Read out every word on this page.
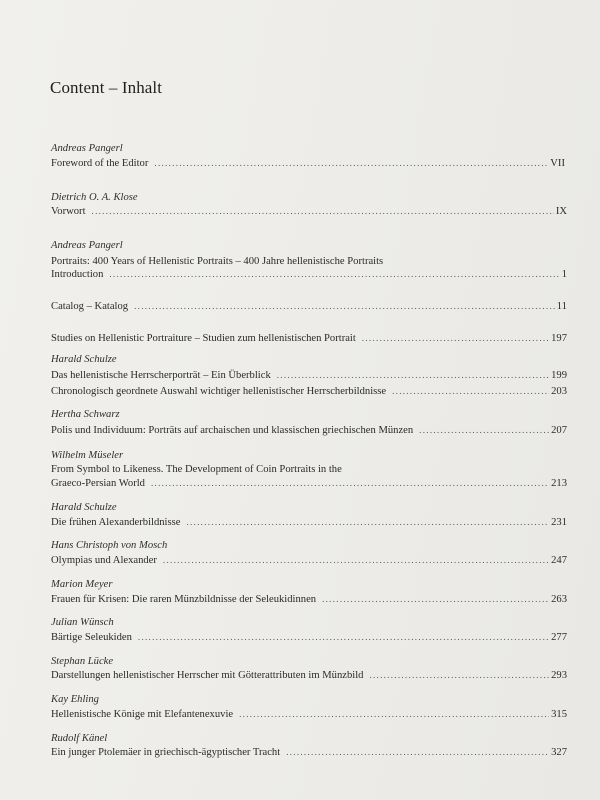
Content – Inhalt
Andreas Pangerl
Foreword of the Editor .....	VII
Dietrich O. A. Klose
Vorwort .....	IX
Andreas Pangerl
Portraits: 400 Years of Hellenistic Portraits – 400 Jahre hellenistische Portraits
Introduction .....	1
Catalog – Katalog .....	11
Studies on Hellenistic Portraiture – Studien zum hellenistischen Portrait .....	197
Harald Schulze
Das hellenistische Herrscherporträt – Ein Überblick .....	199
Chronologisch geordnete Auswahl wichtiger hellenistischer Herrscherbildnisse .....	203
Hertha Schwarz
Polis und Individuum: Porträts auf archaischen und klassischen griechischen Münzen .....	207
Wilhelm Müseler
From Symbol to Likeness. The Development of Coin Portraits in the
Graeco-Persian World .....	213
Harald Schulze
Die frühen Alexanderbildnisse .....	231
Hans Christoph von Mosch
Olympias und Alexander .....	247
Marion Meyer
Frauen für Krisen: Die raren Münzbildnisse der Seleukidinnen .....	263
Julian Wünsch
Bärtige Seleukiden .....	277
Stephan Lücke
Darstellungen hellenistischer Herrscher mit Götterattributen im Münzbild .....	293
Kay Ehling
Hellenistische Könige mit Elefantenexuvie .....	315
Rudolf Känel
Ein junger Ptolemäer in griechisch-ägyptischer Tracht .....	327
